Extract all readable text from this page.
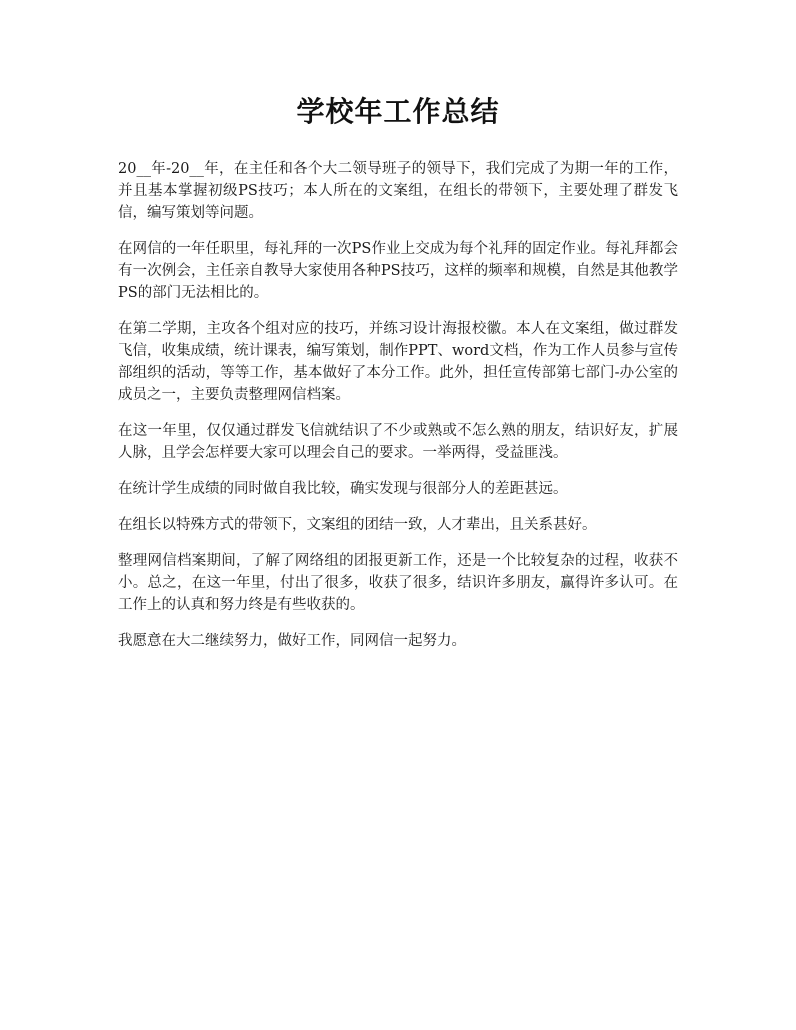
学校年工作总结

20__年-20__年，在主任和各个大二领导班子的领导下，我们完成了为期一年的工作，并且基本掌握初级PS技巧；本人所在的文案组，在组长的带领下，主要处理了群发飞信，编写策划等问题。

在网信的一年任职里，每礼拜的一次PS作业上交成为每个礼拜的固定作业。每礼拜都会有一次例会，主任亲自教导大家使用各种PS技巧，这样的频率和规模，自然是其他教学PS的部门无法相比的。

在第二学期，主攻各个组对应的技巧，并练习设计海报校徽。本人在文案组，做过群发飞信，收集成绩，统计课表，编写策划，制作PPT、word文档，作为工作人员参与宣传部组织的活动，等等工作，基本做好了本分工作。此外，担任宣传部第七部门-办公室的成员之一，主要负责整理网信档案。

在这一年里，仅仅通过群发飞信就结识了不少或熟或不怎么熟的朋友，结识好友，扩展人脉，且学会怎样要大家可以理会自己的要求。一举两得，受益匪浅。

在统计学生成绩的同时做自我比较，确实发现与很部分人的差距甚远。

在组长以特殊方式的带领下，文案组的团结一致，人才辈出，且关系甚好。

整理网信档案期间，了解了网络组的团报更新工作，还是一个比较复杂的过程，收获不小。总之，在这一年里，付出了很多，收获了很多，结识许多朋友，赢得许多认可。在工作上的认真和努力终是有些收获的。

我愿意在大二继续努力，做好工作，同网信一起努力。
